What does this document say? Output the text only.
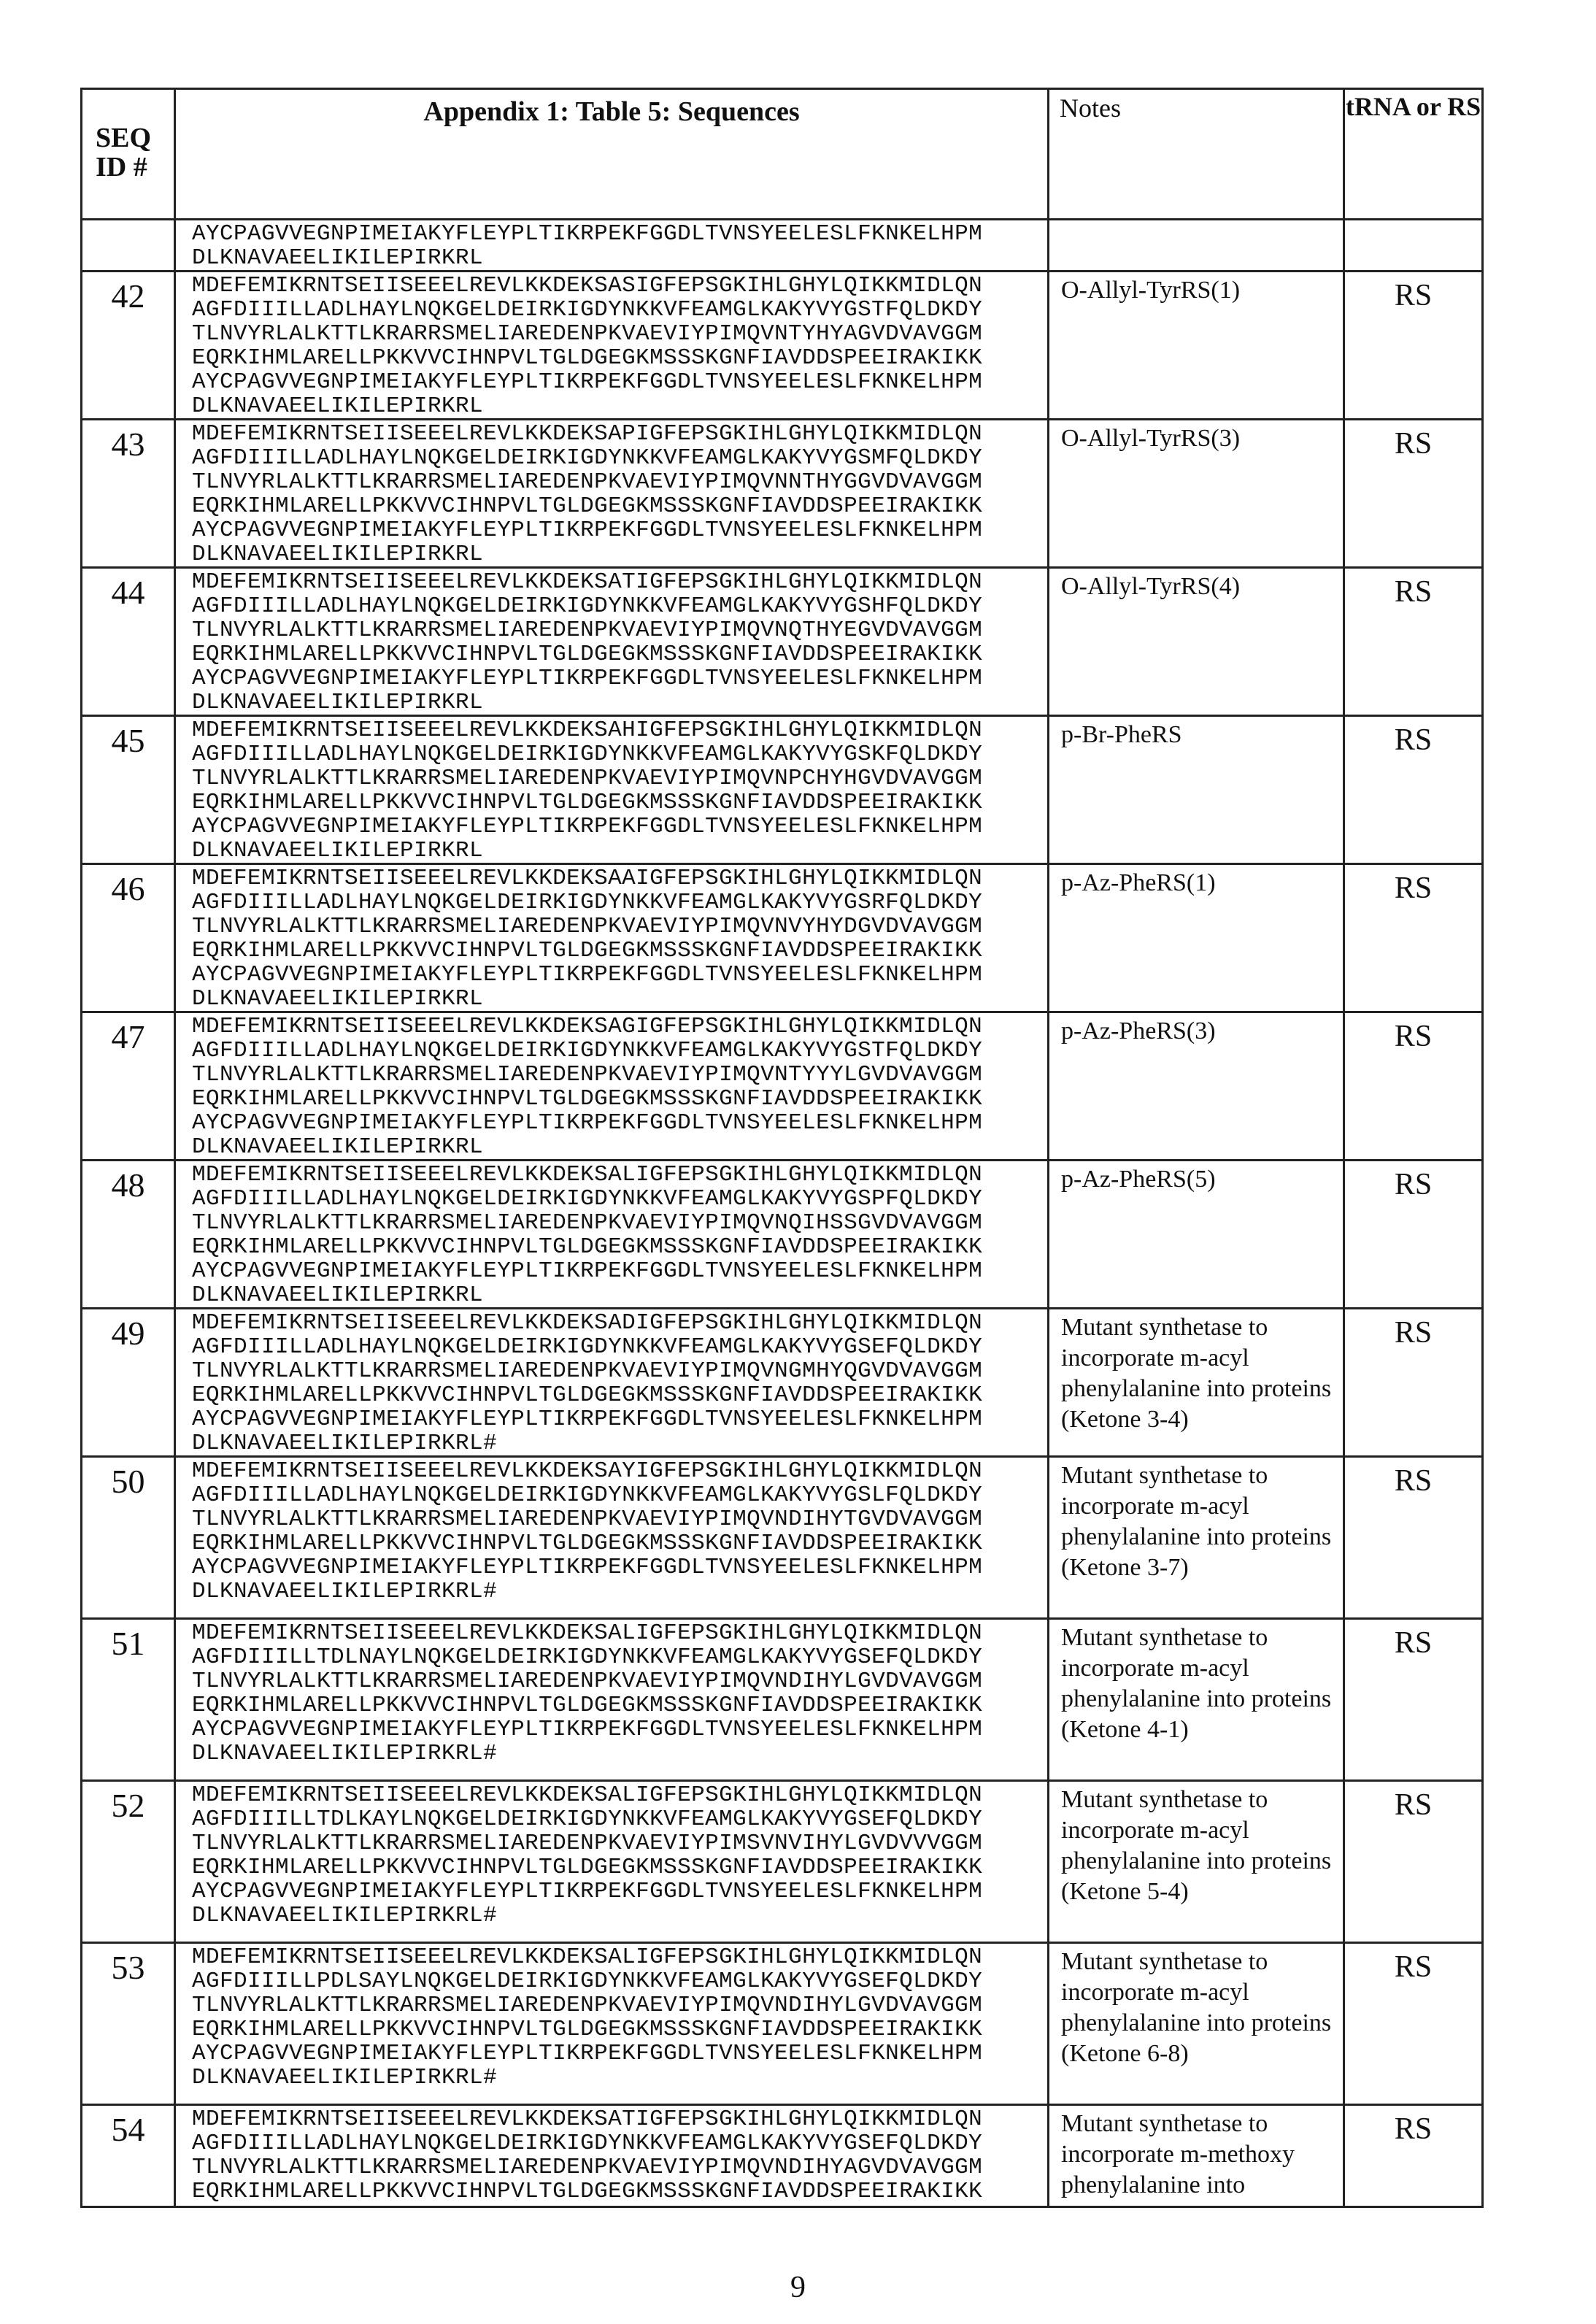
SEQ ID #	Appendix 1: Table 5: Sequences	Notes	tRNA or RS

AYCPAGVVEGNPIMEIAKYFLEYPLTIKRPEKFGGDLTVNSYEELESLFKNKELHPM
DLKNAVAEELIKILEPIRKRL

42	MDEFEMIKRNTSEIISEEELREVLKKDEKSASIGFEPSGKIHLGHYLQIKKMIDLQN
AGFDIIILLADLHAYLNQKGELDEIRKIGDYNKKVFEAMGLKAKYVYGSTFQLDKDY
TLNVYRLALKTTLKRARRSMELIAREDENPKVAEVIYPIMQVNTYHYAGVDVAVGGM
EQRKIHMLARELLPKKVVCIHNPVLTGLDGEGKMSSSKGNFIAVDDSPEEIRAKIKK
AYCPAGVVEGNPIMEIAKYFLEYPLTIKRPEKFGGDLTVNSYEELESLFKNKELHPM
DLKNAVAEELIKILEPIRKRL
	O-Allyl-TyrRS(1)	RS
43	MDEFEMIKRNTSEIISEEELREVLKKDEKSAPIGFEPSGKIHLGHYLQIKKMIDLQN
AGFDIIILLADLHAYLNQKGELDEIRKIGDYNKKVFEAMGLKAKYVYGSMFQLDKDY
TLNVYRLALKTTLKRARRSMELIAREDENPKVAEVIYPIMQVNNTHYGGVDVAVGGM
EQRKIHMLARELLPKKVVCIHNPVLTGLDGEGKMSSSKGNFIAVDDSPEEIRAKIKK
AYCPAGVVEGNPIMEIAKYFLEYPLTIKRPEKFGGDLTVNSYEELESLFKNKELHPM
DLKNAVAEELIKILEPIRKRL
	O-Allyl-TyrRS(3)	RS
44	MDEFEMIKRNTSEIISEEELREVLKKDEKSATIGFEPSGKIHLGHYLQIKKMIDLQN
AGFDIIILLADLHAYLNQKGELDEIRKIGDYNKKVFEAMGLKAKYVYGSHFQLDKDY
TLNVYRLALKTTLKRARRSMELIAREDENPKVAEVIYPIMQVNQTHYEGVDVAVGGM
EQRKIHMLARELLPKKVVCIHNPVLTGLDGEGKMSSSKGNFIAVDDSPEEIRAKIKK
AYCPAGVVEGNPIMEIAKYFLEYPLTIKRPEKFGGDLTVNSYEELESLFKNKELHPM
DLKNAVAEELIKILEPIRKRL
	O-Allyl-TyrRS(4)	RS
45	MDEFEMIKRNTSEIISEEELREVLKKDEKSAHIGFEPSGKIHLGHYLQIKKMIDLQN
AGFDIIILLADLHAYLNQKGELDEIRKIGDYNKKVFEAMGLKAKYVYGSKFQLDKDY
TLNVYRLALKTTLKRARRSMELIAREDENPKVAEVIYPIMQVNPCHYHGVDVAVGGM
EQRKIHMLARELLPKKVVCIHNPVLTGLDGEGKMSSSKGNFIAVDDSPEEIRAKIKK
AYCPAGVVEGNPIMEIAKYFLEYPLTIKRPEKFGGDLTVNSYEELESLFKNKELHPM
DLKNAVAEELIKILEPIRKRL
	p-Br-PheRS	RS
46	MDEFEMIKRNTSEIISEEELREVLKKDEKSAAIGFEPSGKIHLGHYLQIKKMIDLQN
AGFDIIILLADLHAYLNQKGELDEIRKIGDYNKKVFEAMGLKAKYVYGSRFQLDKDY
TLNVYRLALKTTLKRARRSMELIAREDENPKVAEVIYPIMQVNVYHYDGVDVAVGGM
EQRKIHMLARELLPKKVVCIHNPVLTGLDGEGKMSSSKGNFIAVDDSPEEIRAKIKK
AYCPAGVVEGNPIMEIAKYFLEYPLTIKRPEKFGGDLTVNSYEELESLFKNKELHPM
DLKNAVAEELIKILEPIRKRL
	p-Az-PheRS(1)	RS
47	MDEFEMIKRNTSEIISEEELREVLKKDEKSAGIGFEPSGKIHLGHYLQIKKMIDLQN
AGFDIIILLADLHAYLNQKGELDEIRKIGDYNKKVFEAMGLKAKYVYGSTFQLDKDY
TLNVYRLALKTTLKRARRSMELIAREDENPKVAEVIYPIMQVNTYYYLGVDVAVGGM
EQRKIHMLARELLPKKVVCIHNPVLTGLDGEGKMSSSKGNFIAVDDSPEEIRAKIKK
AYCPAGVVEGNPIMEIAKYFLEYPLTIKRPEKFGGDLTVNSYEELESLFKNKELHPM
DLKNAVAEELIKILEPIRKRL
	p-Az-PheRS(3)	RS
48	MDEFEMIKRNTSEIISEEELREVLKKDEKSALIGFEPSGKIHLGHYLQIKKMIDLQN
AGFDIIILLADLHAYLNQKGELDEIRKIGDYNKKVFEAMGLKAKYVYGSPFQLDKDY
TLNVYRLALKTTLKRARRSMELIAREDENPKVAEVIYPIMQVNQIHSSGVDVAVGGM
EQRKIHMLARELLPKKVVCIHNPVLTGLDGEGKMSSSKGNFIAVDDSPEEIRAKIKK
AYCPAGVVEGNPIMEIAKYFLEYPLTIKRPEKFGGDLTVNSYEELESLFKNKELHPM
DLKNAVAEELIKILEPIRKRL
	p-Az-PheRS(5)	RS
49	MDEFEMIKRNTSEIISEEELREVLKKDEKSADIGFEPSGKIHLGHYLQIKKMIDLQN
AGFDIIILLADLHAYLNQKGELDEIRKIGDYNKKVFEAMGLKAKYVYGSEFQLDKDY
TLNVYRLALKTTLKRARRSMELIAREDENPKVAEVIYPIMQVNGMHYQGVDVAVGGM
EQRKIHMLARELLPKKVVCIHNPVLTGLDGEGKMSSSKGNFIAVDDSPEEIRAKIKK
AYCPAGVVEGNPIMEIAKYFLEYPLTIKRPEKFGGDLTVNSYEELESLFKNKELHPM
DLKNAVAEELIKILEPIRKRL#
	Mutant synthetase to incorporate m-acyl phenylalanine into proteins (Ketone 3-4)	RS
50	MDEFEMIKRNTSEIISEEELREVLKKDEKSAYIGFEPSGKIHLGHYLQIKKMIDLQN
AGFDIIILLADLHAYLNQKGELDEIRKIGDYNKKVFEAMGLKAKYVYGSLFQLDKDY
TLNVYRLALKTTLKRARRSMELIAREDENPKVAEVIYPIMQVNDIHYTGVDVAVGGM
EQRKIHMLARELLPKKVVCIHNPVLTGLDGEGKMSSSKGNFIAVDDSPEEIRAKIKK
AYCPAGVVEGNPIMEIAKYFLEYPLTIKRPEKFGGDLTVNSYEELESLFKNKELHPM
DLKNAVAEELIKILEPIRKRL#
	Mutant synthetase to incorporate m-acyl phenylalanine into proteins (Ketone 3-7)	RS
51	MDEFEMIKRNTSEIISEEELREVLKKDEKSALIGFEPSGKIHLGHYLQIKKMIDLQN
AGFDIIILLTDLNAYLNQKGELDEIRKIGDYNKKVFEAMGLKAKYVYGSEFQLDKDY
TLNVYRLALKTTLKRARRSMELIAREDENPKVAEVIYPIMQVNDIHYLGVDVAVGGM
EQRKIHMLARELLPKKVVCIHNPVLTGLDGEGKMSSSKGNFIAVDDSPEEIRAKIKK
AYCPAGVVEGNPIMEIAKYFLEYPLTIKRPEKFGGDLTVNSYEELESLFKNKELHPM
DLKNAVAEELIKILEPIRKRL#
	Mutant synthetase to incorporate m-acyl phenylalanine into proteins (Ketone 4-1)	RS
52	MDEFEMIKRNTSEIISEEELREVLKKDEKSALIGFEPSGKIHLGHYLQIKKMIDLQN
AGFDIIILLTDLKAYLNQKGELDEIRKIGDYNKKVFEAMGLKAKYVYGSEFQLDKDY
TLNVYRLALKTTLKRARRSMELIAREDENPKVAEVIYPIMSVNVIHYLGVDVVVGGM
EQRKIHMLARELLPKKVVCIHNPVLTGLDGEGKMSSSKGNFIAVDDSPEEIRAKIKK
AYCPAGVVEGNPIMEIAKYFLEYPLTIKRPEKFGGDLTVNSYEELESLFKNKELHPM
DLKNAVAEELIKILEPIRKRL#
	Mutant synthetase to incorporate m-acyl phenylalanine into proteins (Ketone 5-4)	RS
53	MDEFEMIKRNTSEIISEEELREVLKKDEKSALIGFEPSGKIHLGHYLQIKKMIDLQN
AGFDIIILLPDLSAYLNQKGELDEIRKIGDYNKKVFEAMGLKAKYVYGSEFQLDKDY
TLNVYRLALKTTLKRARRSMELIAREDENPKVAEVIYPIMQVNDIHYLGVDVAVGGM
EQRKIHMLARELLPKKVVCIHNPVLTGLDGEGKMSSSKGNFIAVDDSPEEIRAKIKK
AYCPAGVVEGNPIMEIAKYFLEYPLTIKRPEKFGGDLTVNSYEELESLFKNKELHPM
DLKNAVAEELIKILEPIRKRL#
	Mutant synthetase to incorporate m-acyl phenylalanine into proteins (Ketone 6-8)	RS
54	MDEFEMIKRNTSEIISEEELREVLKKDEKSATIGFEPSGKIHLGHYLQIKKMIDLQN
AGFDIIILLADLHAYLNQKGELDEIRKIGDYNKKVFEAMGLKAKYVYGSEFQLDKDY
TLNVYRLALKTTLKRARRSMELIAREDENPKVAEVIYPIMQVNDIHYAGVDVAVGGM
EQRKIHMLARELLPKKVVCIHNPVLTGLDGEGKMSSSKGNFIAVDDSPEEIRAKIKK
	Mutant synthetase to incorporate m-methoxy phenylalanine into	RS
9
